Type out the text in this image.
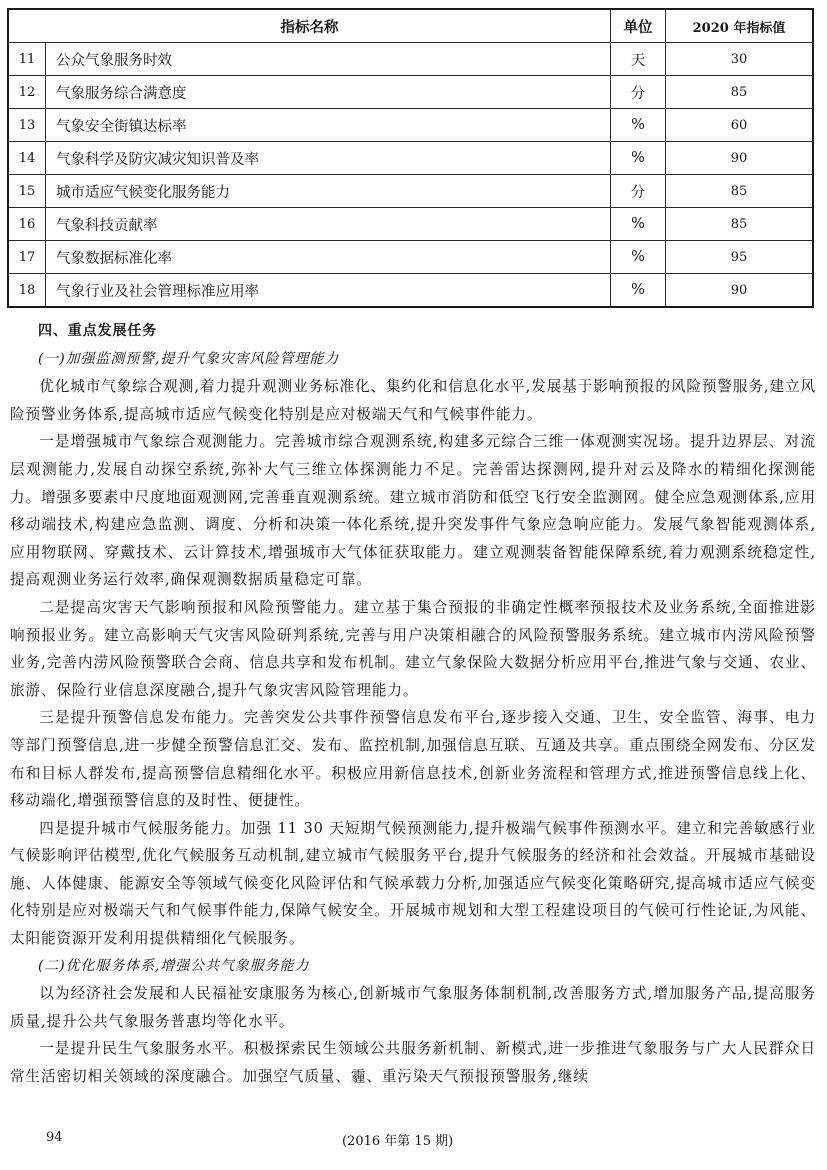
指标名称		单位	2020 年指标值
11	公众气象服务时效	天	30
12	气象服务综合满意度	分	85
13	气象安全街镇达标率	%	60
14	气象科学及防灾减灾知识普及率	%	90
15	城市适应气候变化服务能力	分	85
16	气象科技贡献率	%	85
17	气象数据标准化率	%	95
18	气象行业及社会管理标准应用率	%	90

四、重点发展任务

(一)加强监测预警,提升气象灾害风险管理能力

优化城市气象综合观测,着力提升观测业务标准化、集约化和信息化水平,发展基于影响预报的风险预警服务,建立风险预警业务体系,提高城市适应气候变化特别是应对极端天气和气候事件能力。

一是增强城市气象综合观测能力。完善城市综合观测系统,构建多元综合三维一体观测实况场。提升边界层、对流层观测能力,发展自动探空系统,弥补大气三维立体探测能力不足。完善雷达探测网,提升对云及降水的精细化探测能力。增强多要素中尺度地面观测网,完善垂直观测系统。建立城市消防和低空飞行安全监测网。健全应急观测体系,应用移动端技术,构建应急监测、调度、分析和决策一体化系统,提升突发事件气象应急响应能力。发展气象智能观测体系,应用物联网、穿戴技术、云计算技术,增强城市大气体征获取能力。建立观测装备智能保障系统,着力观测系统稳定性,提高观测业务运行效率,确保观测数据质量稳定可靠。

二是提高灾害天气影响预报和风险预警能力。建立基于集合预报的非确定性概率预报技术及业务系统,全面推进影响预报业务。建立高影响天气灾害风险研判系统,完善与用户决策相融合的风险预警服务系统。建立城市内涝风险预警业务,完善内涝风险预警联合会商、信息共享和发布机制。建立气象保险大数据分析应用平台,推进气象与交通、农业、旅游、保险行业信息深度融合,提升气象灾害风险管理能力。

三是提升预警信息发布能力。完善突发公共事件预警信息发布平台,逐步接入交通、卫生、安全监管、海事、电力等部门预警信息,进一步健全预警信息汇交、发布、监控机制,加强信息互联、互通及共享。重点围绕全网发布、分区发布和目标人群发布,提高预警信息精细化水平。积极应用新信息技术,创新业务流程和管理方式,推进预警信息线上化、移动端化,增强预警信息的及时性、便捷性。

四是提升城市气候服务能力。加强 11 30 天短期气候预测能力,提升极端气候事件预测水平。建立和完善敏感行业气候影响评估模型,优化气候服务互动机制,建立城市气候服务平台,提升气候服务的经济和社会效益。开展城市基础设施、人体健康、能源安全等领域气候变化风险评估和气候承载力分析,加强适应气候变化策略研究,提高城市适应气候变化特别是应对极端天气和气候事件能力,保障气候安全。开展城市规划和大型工程建设项目的气候可行性论证,为风能、太阳能资源开发利用提供精细化气候服务。

(二)优化服务体系,增强公共气象服务能力

以为经济社会发展和人民福祉安康服务为核心,创新城市气象服务体制机制,改善服务方式,增加服务产品,提高服务质量,提升公共气象服务普惠均等化水平。

一是提升民生气象服务水平。积极探索民生领域公共服务新机制、新模式,进一步推进气象服务与广大人民群众日常生活密切相关领域的深度融合。加强空气质量、霾、重污染天气预报预警服务,继续

94	(2016 年第 15 期)
